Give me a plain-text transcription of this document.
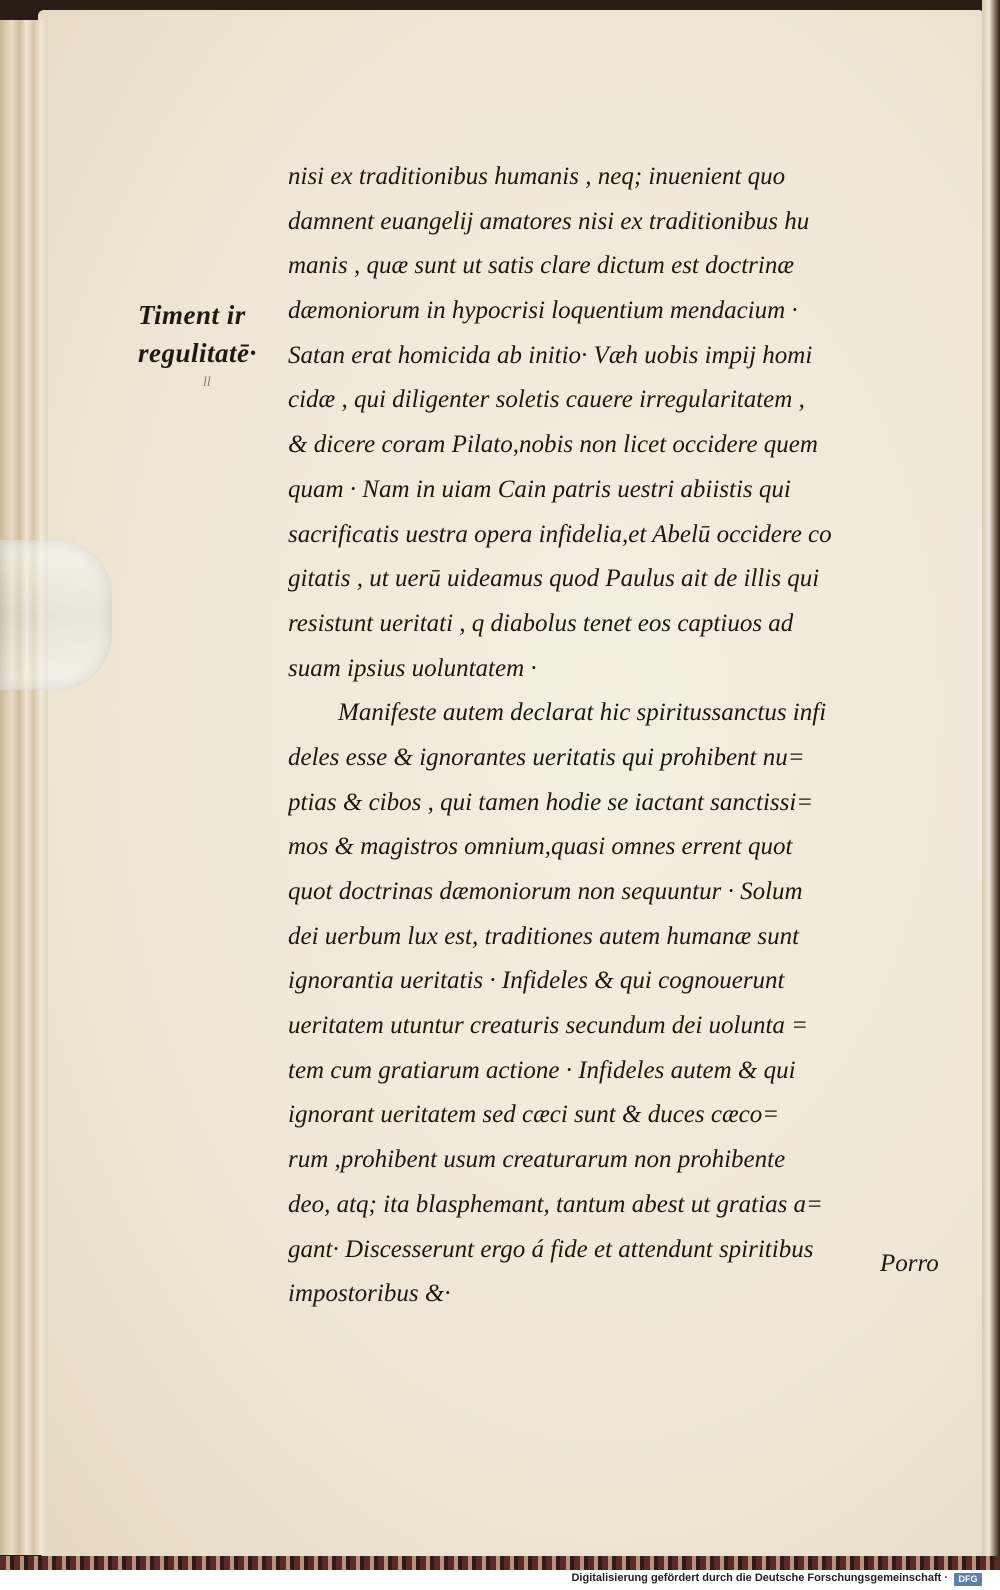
Timent ir
regulitatē·
ll
nisi ex traditionibus humanis , neq; inuenient quo
damnent euangelij amatores nisi ex traditionibus hu
manis , quæ sunt ut satis clare dictum est doctrinæ
dæmoniorum in hypocrisi loquentium mendacium ·
Satan erat homicida ab initio· Væh uobis impij homi
cidæ , qui diligenter soletis cauere irregularitatem ,
& dicere coram Pilato,nobis non licet occidere quem
quam · Nam in uiam Cain patris uestri abiistis qui
sacrificatis uestra opera infidelia,et Abelū occidere co
gitatis , ut uerū uideamus quod Paulus ait de illis qui
resistunt ueritati , q diabolus tenet eos captiuos ad
suam ipsius uoluntatem ·
Manifeste autem declarat hic spiritussanctus infi
deles esse & ignorantes ueritatis qui prohibent nu=
ptias & cibos , qui tamen hodie se iactant sanctissi=
mos & magistros omnium,quasi omnes errent quot
quot doctrinas dæmoniorum non sequuntur · Solum
dei uerbum lux est, traditiones autem humanæ sunt
ignorantia ueritatis · Infideles & qui cognouerunt
ueritatem utuntur creaturis secundum dei uolunta =
tem cum gratiarum actione · Infideles autem & qui
ignorant ueritatem sed cæci sunt & duces cæco=
rum ,prohibent usum creaturarum non prohibente
deo, atq; ita blasphemant, tantum abest ut gratias a=
gant· Discesserunt ergo á fide et attendunt spiritibus
impostoribus &·
Porro
Digitalisierung gefördert durch die Deutsche Forschungsgemeinschaft ·	DFG
